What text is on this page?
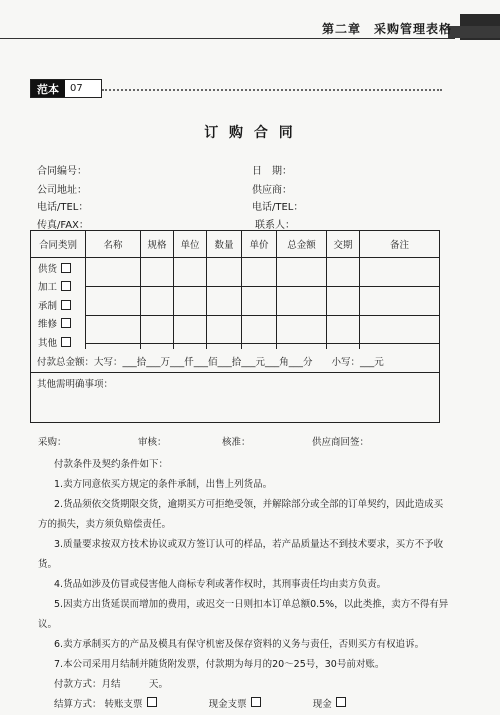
第二章　采购管理表格
范本	07
订 购 合 同
合同编号：	日　期：
公司地址：	供应商：
电话/TEL：	电话/TEL：
传真/FAX：	联系人：
合同类别	名称	规格	单位	数量	单价	总金额	交期	备注

供货
加工
承制
维修
其他								

付款总金额：大写：___拾___万___仟___佰___拾___元___角___分　　小写：___元
其他需明确事项：
采购：	审核：	核准：	供应商回签：

付款条件及契约条件如下：

1.卖方同意依买方规定的条件承制，出售上列货品。

2.货品须依交货期限交货，逾期买方可拒绝受领，并解除部分或全部的订单契约，因此造成买方的损失，卖方须负赔偿责任。

3.质量要求按双方技术协议或双方签订认可的样品，若产品质量达不到技术要求，买方不予收货。

4.货品如涉及仿冒或侵害他人商标专利或著作权时，其刑事责任均由卖方负责。

5.因卖方出货延误而增加的费用，或迟交一日则扣本订单总额0.5%，以此类推，卖方不得有异议。

6.卖方承制买方的产品及模具有保守机密及保存资料的义务与责任，否则买方有权追诉。

7.本公司采用月结制并随货附发票，付款期为每月的20～25号，30号前对账。

付款方式：月结　　　天。

结算方式： 转账支票	现金支票	现金
